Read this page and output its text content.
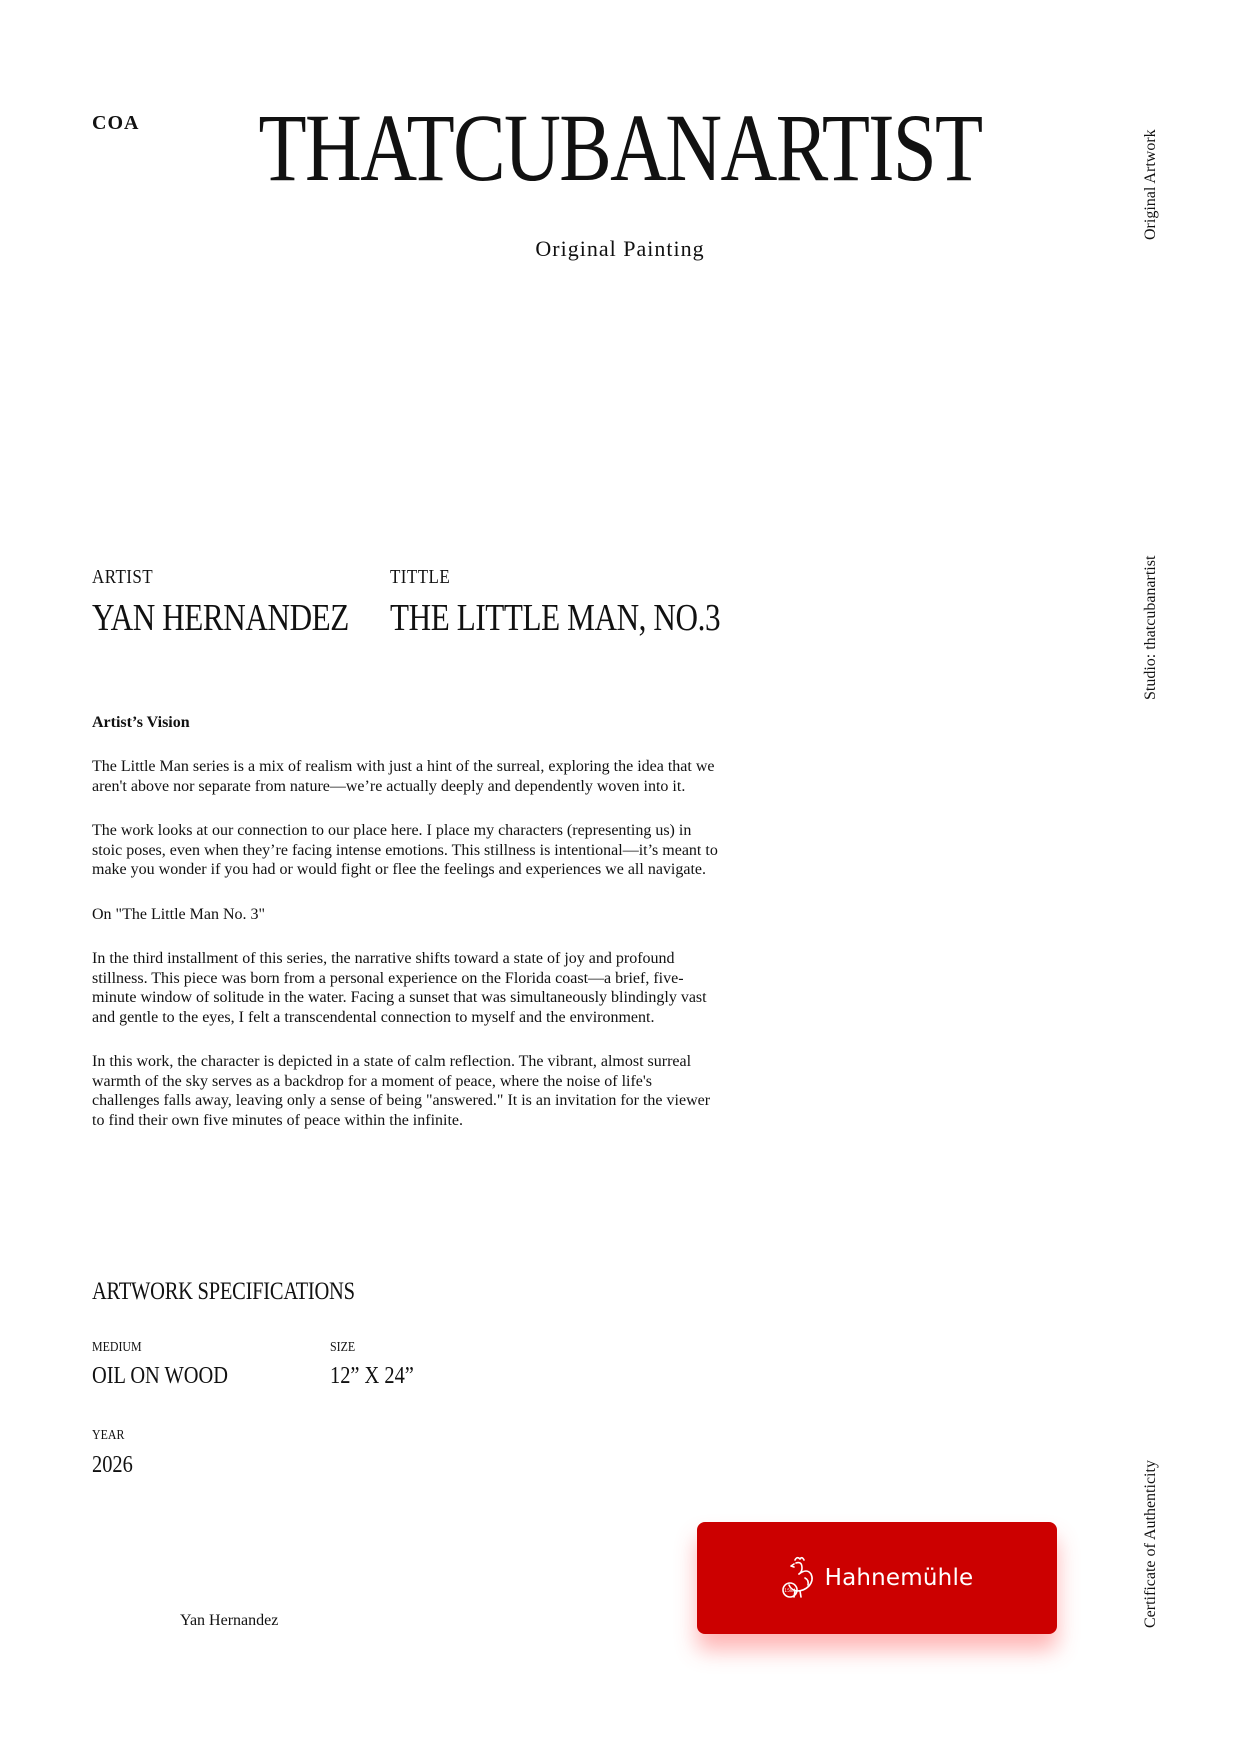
COA	THATCUBANARTIST
Original Painting
Original Artwork
Studio: thatcubanartist
Certificate of Authenticity
ARTIST
YAN HERNANDEZ
TITTLE
THE LITTLE MAN, NO.3
Artist’s Vision

The Little Man series is a mix of realism with just a hint of the surreal, exploring the idea that we aren't above nor separate from nature—we’re actually deeply and dependently woven into it.

The work looks at our connection to our place here. I place my characters (representing us) in stoic poses, even when they’re facing intense emotions. This stillness is intentional—it’s meant to make you wonder if you had or would fight or flee the feelings and experiences we all navigate.

On "The Little Man No. 3"

In the third installment of this series, the narrative shifts toward a state of joy and profound stillness. This piece was born from a personal experience on the Florida coast—a brief, five-minute window of solitude in the water. Facing a sunset that was simultaneously blindingly vast and gentle to the eyes, I felt a transcendental connection to myself and the environment.

In this work, the character is depicted in a state of calm reflection. The vibrant, almost surreal warmth of the sky serves as a backdrop for a moment of peace, where the noise of life's challenges falls away, leaving only a sense of being "answered." It is an invitation for the viewer to find their own five minutes of peace within the infinite.

ARTWORK SPECIFICATIONS
MEDIUM
OIL ON WOOD
SIZE
12” X 24”
YEAR
2026
Yan Hernandez
1584
Hahnemühle
